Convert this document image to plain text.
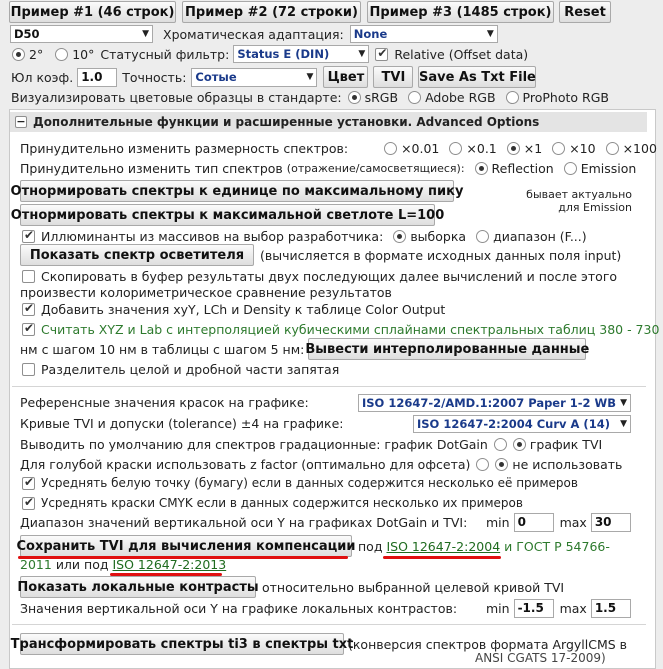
Пример #1 (46 строк) Пример #2 (72 строки) Пример #3 (1485 строк) Reset
D50	▼ Хроматическая адаптация: None	▼
2° 10° Статусный фильтр: Status E (DIN)	▼
✔ Relative (Offset data)
Юл коэф. 1.0	Точность: Сотые	▼	Цвет	TVI	Save As Txt File
Визуализировать цветовые образцы в стандарте: sRGB Adobe RGB ProPhoto RGB
− Дополнительные функции и расширенные установки. Advanced Options
Принудительно изменить размерность спектров:	×0.01 ×0.1 ×1 ×10 ×100
Принудительно изменить тип спектров (отражение/самосветящиеся): Reflection Emission
Отнормировать спектры к единице по максимальному пику
Отнормировать спектры к максимальной светлоте L=100
бывает актуально
для Emission
✔
Иллюминанты из массивов на выбор разработчика: выборка диапазон (F...)
Показать спектр осветителя	(вычисляется в формате исходных данных поля input)
Скопировать в буфер результаты двух последующих далее вычислений и после этого
произвести колориметрическое сравнение результатов
✔
Добавить значения xyY, LCh и Density к таблице Color Output
✔
Считать XYZ и Lab с интерполяцией кубическими сплайнами спектральных таблиц 380 - 730
нм с шагом 10 нм в таблицы с шагом 5 нм: Вывести интерполированные данные
Разделитель целой и дробной части запятая
Референсные значения красок на графике:	ISO 12647-2/AMD.1:2007 Paper 1-2 WB ▼
Кривые TVI и допуски (tolerance) ±4 на графике:	ISO 12647-2:2004 Curv A (14) ▼
Выводить по умолчанию для спектров градационные: график DotGain	график TVI
Для голубой краски использовать z factor (оптимально для офсета)	не использовать
✔
Усреднять белую точку (бумагу) если в данных содержится несколько её примеров
✔
Усреднять краски CMYK если в данных содержится несколько их примеров
Диапазон значений вертикальной оси Y на графиках DotGain и TVI: min 0	max 30
Сохранить TVI для вычисления компенсации под ISO 12647-2:2004 и ГОСТ Р 54766-
2011 или под ISO 12647-2:2013
Показать локальные контрасты относительно выбранной целевой кривой TVI
Значения вертикальной оси Y на графике локальных контрастов: min -1.5	max 1.5
Трансформировать спектры ti3 в спектры txt
(конверсия спектров формата ArgyllCMS в
ANSI CGATS 17-2009)
